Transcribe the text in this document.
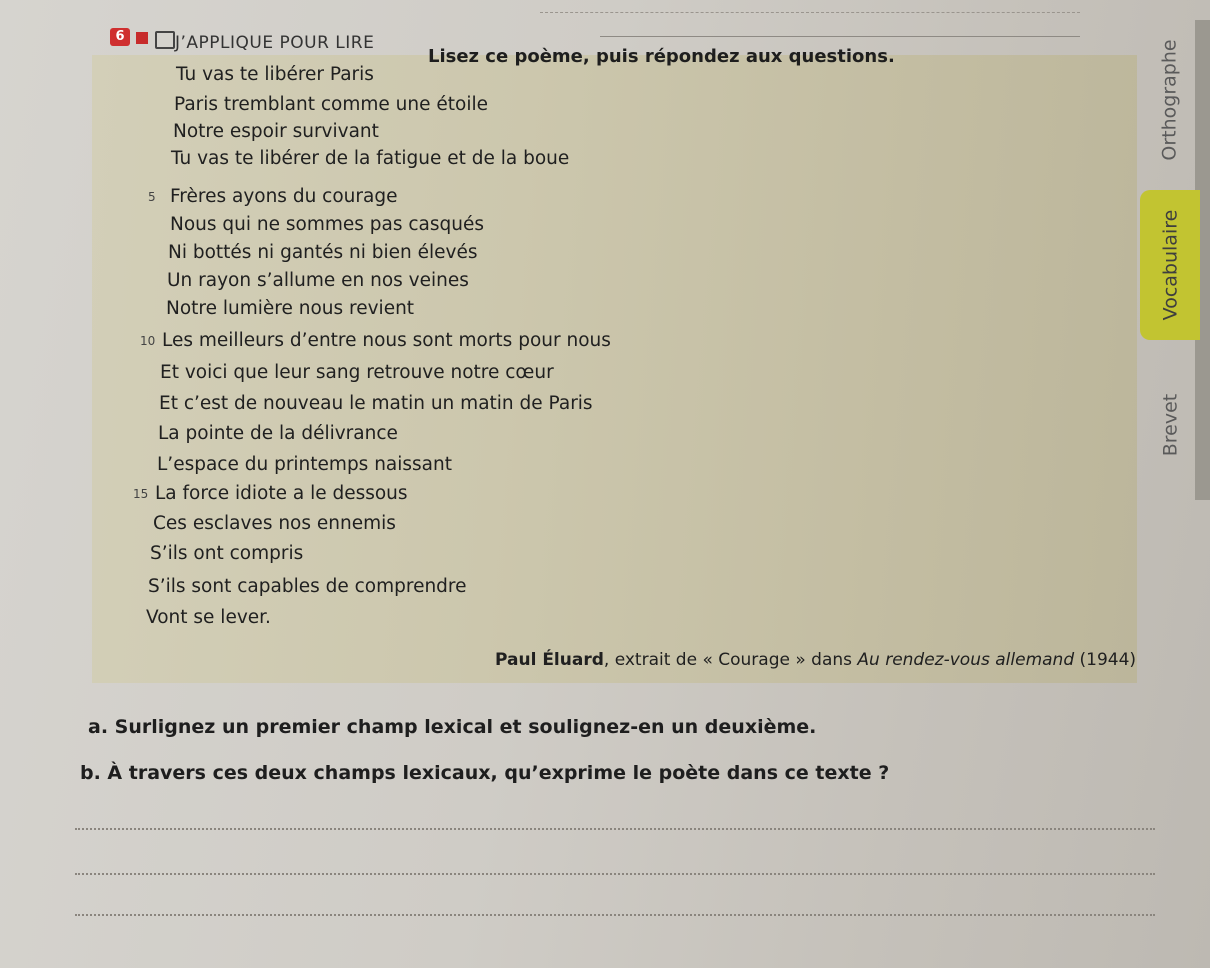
6	J’APPLIQUE POUR LIRE
Lisez ce poème, puis répondez aux questions.
Tu vas te libérer Paris
Paris tremblant comme une étoile
Notre espoir survivant
Tu vas te libérer de la fatigue et de la boue
5 Frères ayons du courage
Nous qui ne sommes pas casqués
Ni bottés ni gantés ni bien élevés
Un rayon s’allume en nos veines
Notre lumière nous revient
10 Les meilleurs d’entre nous sont morts pour nous
Et voici que leur sang retrouve notre cœur
Et c’est de nouveau le matin un matin de Paris
La pointe de la délivrance
L’espace du printemps naissant
15 La force idiote a le dessous
Ces esclaves nos ennemis
S’ils ont compris
S’ils sont capables de comprendre
Vont se lever.
Paul Éluard, extrait de « Courage » dans Au rendez-vous allemand (1944)
a. Surlignez un premier champ lexical et soulignez-en un deuxième.
b. À travers ces deux champs lexicaux, qu’exprime le poète dans ce texte ?
Orthographe
Vocabulaire
Brevet
